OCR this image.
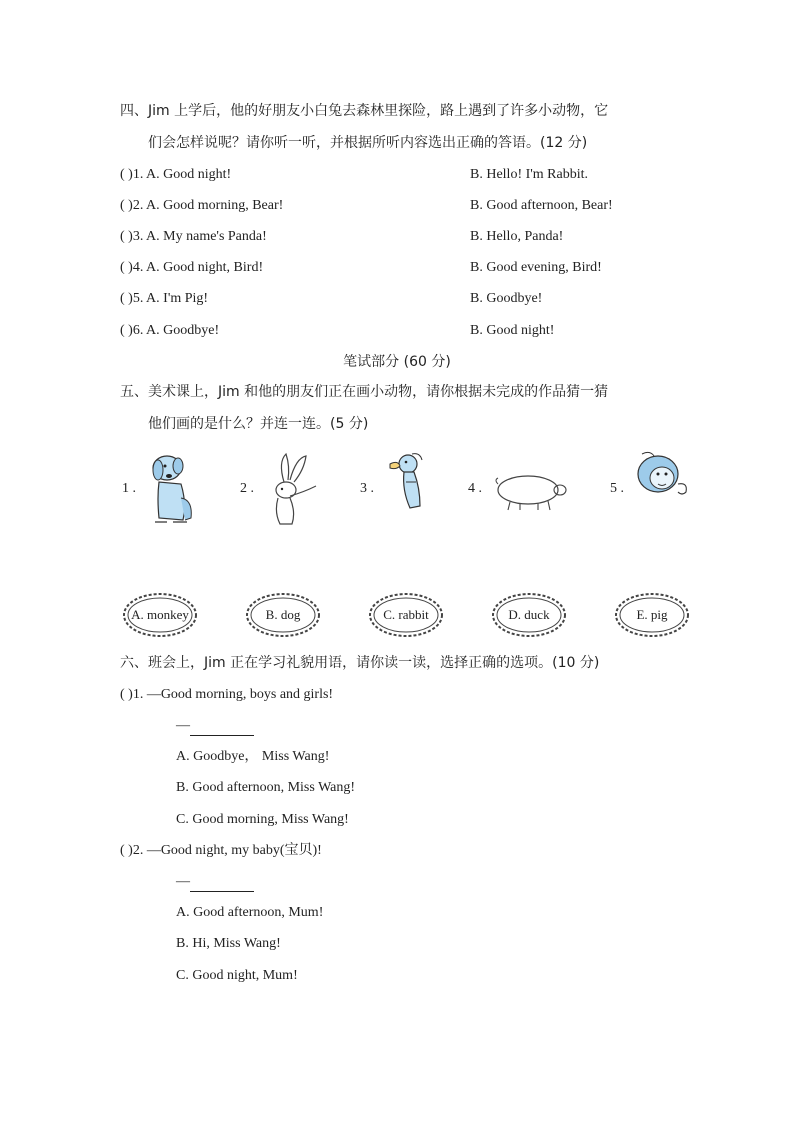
四、Jim 上学后，他的好朋友小白兔去森林里探险，路上遇到了许多小动物，它
们会怎样说呢？请你听一听，并根据所听内容选出正确的答语。(12 分)
( )1. A. Good night!	B. Hello! I'm Rabbit.
( )2. A. Good morning, Bear!	B. Good afternoon, Bear!
( )3. A. My name's Panda!	B. Hello, Panda!
( )4. A. Good night, Bird!	B. Good evening, Bird!
( )5. A. I'm Pig!	B. Goodbye!
( )6. A. Goodbye!	B. Good night!
笔试部分 (60 分)
五、美术课上，Jim 和他的朋友们正在画小动物，请你根据未完成的作品猜一猜
他们画的是什么？并连一连。(5 分)
1 .	2 .	3 .	4 .	5 .
A. monkey	B. dog	C. rabbit	D. duck	E. pig
六、班会上，Jim 正在学习礼貌用语，请你读一读，选择正确的选项。(10 分)
( )1. —Good morning, boys and girls!
—
A. Goodbye， Miss Wang!
B. Good afternoon, Miss Wang!
C. Good morning, Miss Wang!
( )2. —Good night, my baby(宝贝)!
—
A. Good afternoon, Mum!
B. Hi, Miss Wang!
C. Good night, Mum!
